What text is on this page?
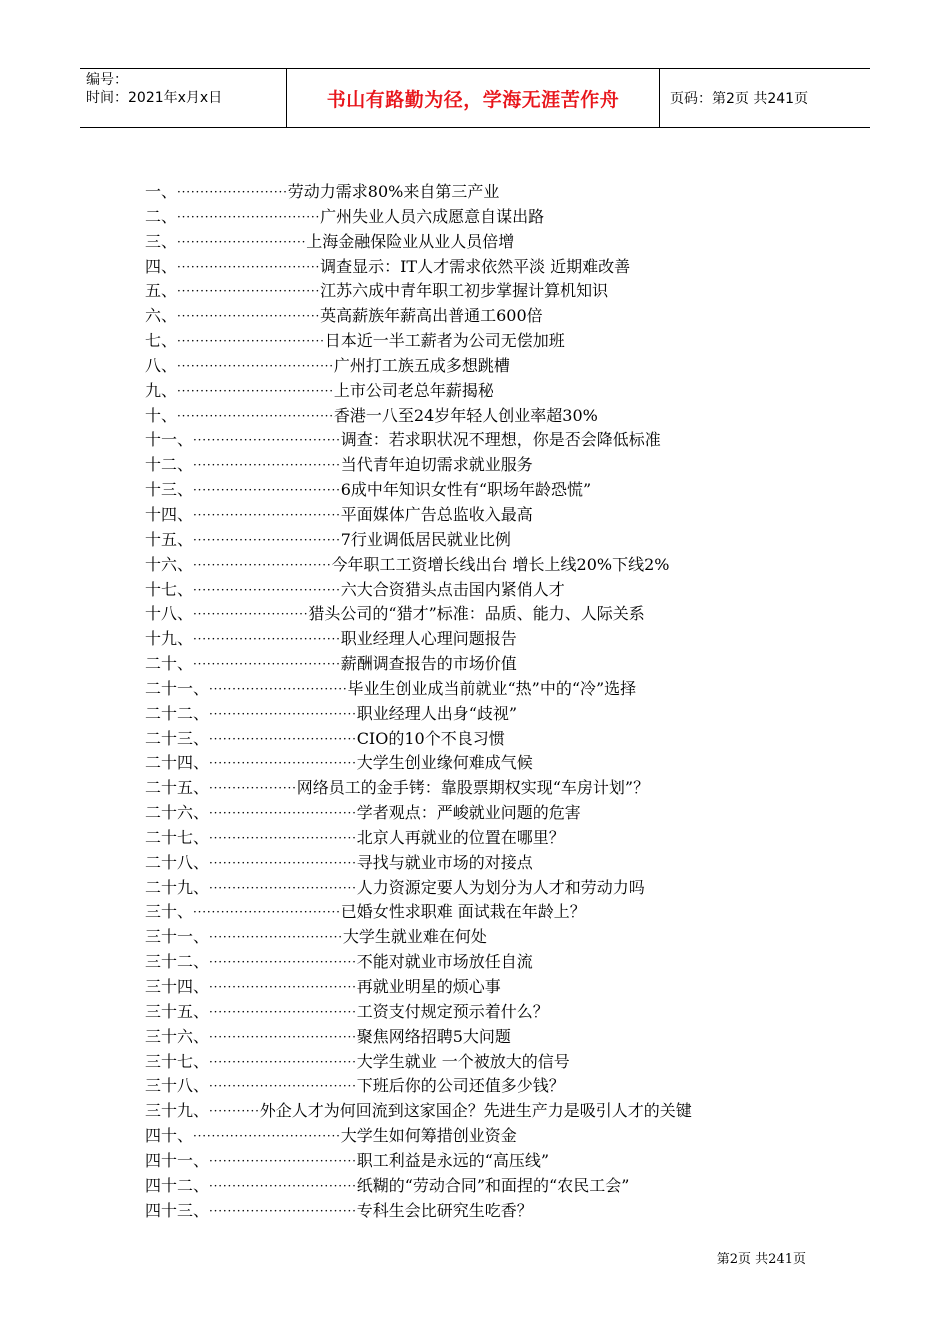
编号：
时间：2021年x月x日	书山有路勤为径，学海无涯苦作舟	页码：第2页 共241页
一、 ························ 劳动力需求80%来自第三产业
二、 ······························· 广州失业人员六成愿意自谋出路
三、 ···························· 上海金融保险业从业人员倍增
四、 ······························· 调查显示：IT人才需求依然平淡 近期难改善
五、 ······························· 江苏六成中青年职工初步掌握计算机知识
六、 ······························· 英高薪族年薪高出普通工600倍
七、 ································ 日本近一半工薪者为公司无偿加班
八、 ·································· 广州打工族五成多想跳槽
九、 ·································· 上市公司老总年薪揭秘
十、 ·································· 香港一八至24岁年轻人创业率超30%
十一、 ································ 调查：若求职状况不理想，你是否会降低标准
十二、 ································ 当代青年迫切需求就业服务
十三、 ································ 6成中年知识女性有“职场年龄恐慌”
十四、 ································ 平面媒体广告总监收入最高
十五、 ································ 7行业调低居民就业比例
十六、 ······························ 今年职工工资增长线出台 增长上线20%下线2%
十七、 ································ 六大合资猎头点击国内紧俏人才
十八、 ························· 猎头公司的“猎才”标准：品质、能力、人际关系
十九、 ································ 职业经理人心理问题报告
二十、 ································ 薪酬调查报告的市场价值
二十一、 ······························ 毕业生创业成当前就业“热”中的“冷”选择
二十二、 ································ 职业经理人出身“歧视”
二十三、 ································ CIO的10个不良习惯
二十四、 ································ 大学生创业缘何难成气候
二十五、 ··················· 网络员工的金手铐：靠股票期权实现“车房计划”？
二十六、 ································ 学者观点：严峻就业问题的危害
二十七、 ································ 北京人再就业的位置在哪里？
二十八、 ································ 寻找与就业市场的对接点
二十九、 ································ 人力资源定要人为划分为人才和劳动力吗
三十、 ································ 已婚女性求职难 面试栽在年龄上？
三十一、 ····························· 大学生就业难在何处
三十二、 ································ 不能对就业市场放任自流
三十四、 ································ 再就业明星的烦心事
三十五、 ································ 工资支付规定预示着什么？
三十六、 ································ 聚焦网络招聘5大问题
三十七、 ································ 大学生就业 一个被放大的信号
三十八、 ································ 下班后你的公司还值多少钱？
三十九、 ··········· 外企人才为何回流到这家国企？先进生产力是吸引人才的关键
四十、 ································ 大学生如何筹措创业资金
四十一、 ································ 职工利益是永远的“高压线”
四十二、 ································ 纸糊的“劳动合同”和面捏的“农民工会”
四十三、 ································ 专科生会比研究生吃香？
第2页 共241页
